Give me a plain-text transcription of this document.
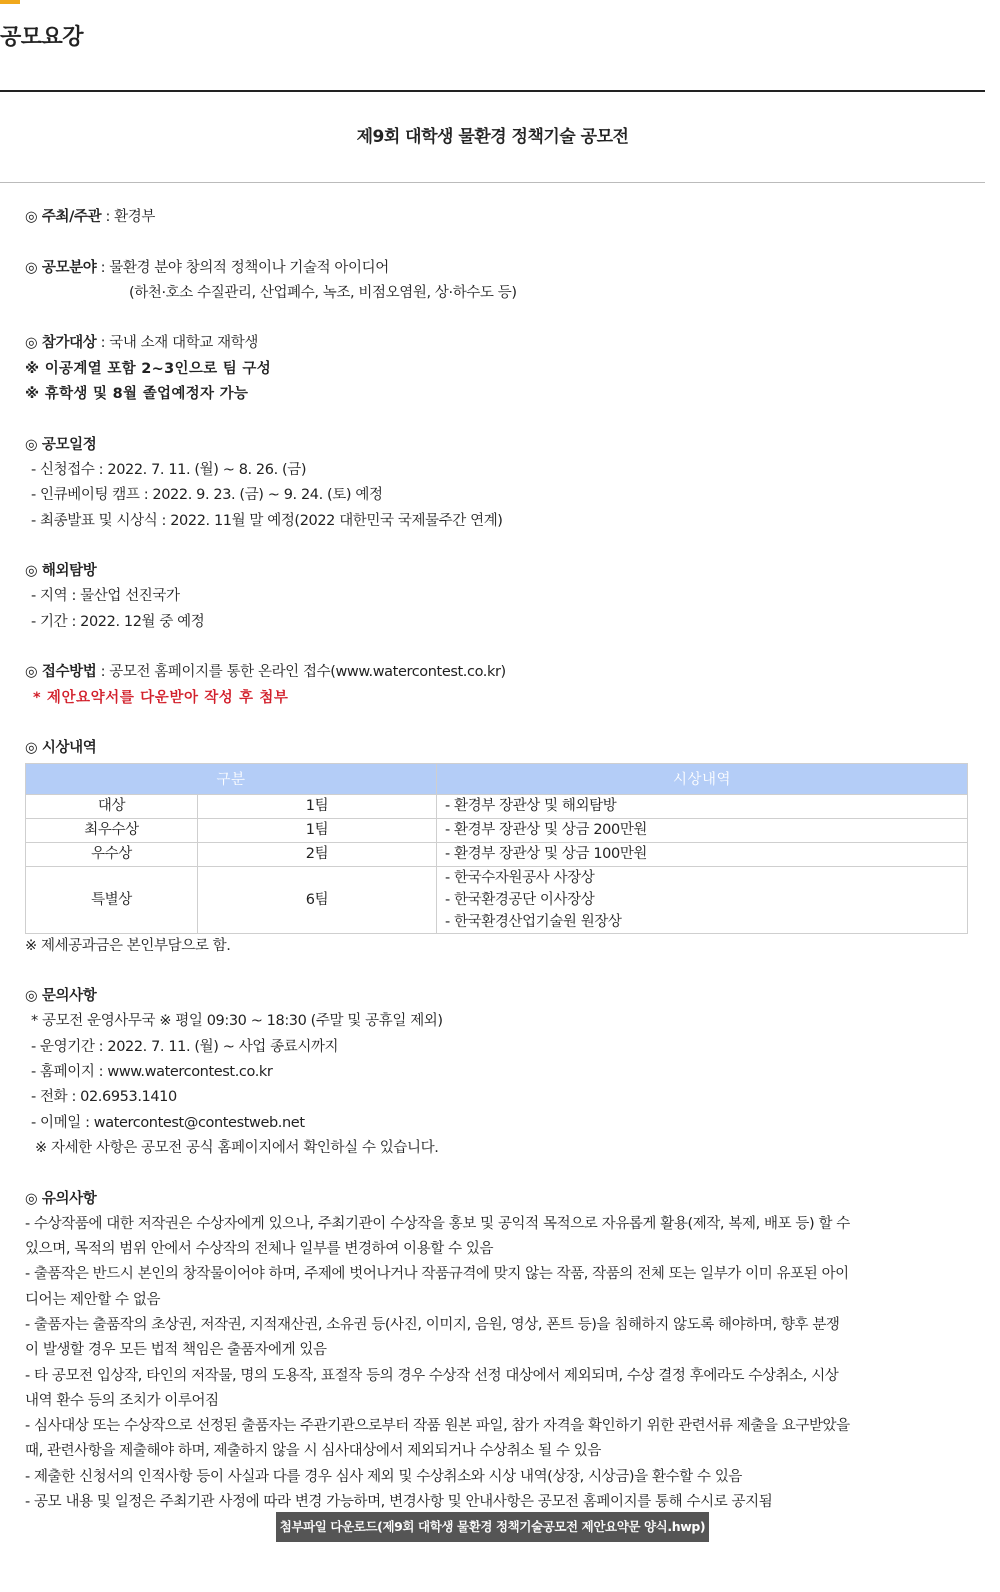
공모요강
제9회 대학생 물환경 정책기술 공모전
◎ 주최/주관 : 환경부
◎ 공모분야 : 물환경 분야 창의적 정책이나 기술적 아이디어
(하천·호소 수질관리, 산업폐수, 녹조, 비점오염원, 상·하수도 등)
◎ 참가대상 : 국내 소재 대학교 재학생
※ 이공계열 포함 2~3인으로 팀 구성
※ 휴학생 및 8월 졸업예정자 가능
◎ 공모일정
- 신청접수 : 2022. 7. 11. (월) ~ 8. 26. (금)
- 인큐베이팅 캠프 : 2022. 9. 23. (금) ~ 9. 24. (토) 예정
- 최종발표 및 시상식 : 2022. 11월 말 예정(2022 대한민국 국제물주간 연계)
◎ 해외탐방
- 지역 : 물산업 선진국가
- 기간 : 2022. 12월 중 예정
◎ 접수방법 : 공모전 홈페이지를 통한 온라인 접수(www.watercontest.co.kr)
* 제안요약서를 다운받아 작성 후 첨부
◎ 시상내역
구분		시상내역
대상	1팀	- 환경부 장관상 및 해외탐방
최우수상	1팀	- 환경부 장관상 및 상금 200만원
우수상	2팀	- 환경부 장관상 및 상금 100만원
특별상	6팀	- 한국수자원공사 사장상
- 한국환경공단 이사장상
- 한국환경산업기술원 원장상
※ 제세공과금은 본인부담으로 함.
◎ 문의사항
* 공모전 운영사무국 ※ 평일 09:30 ~ 18:30 (주말 및 공휴일 제외)
- 운영기간 : 2022. 7. 11. (월) ~ 사업 종료시까지
- 홈페이지 : www.watercontest.co.kr
- 전화 : 02.6953.1410
- 이메일 : watercontest@contestweb.net
※ 자세한 사항은 공모전 공식 홈페이지에서 확인하실 수 있습니다.
◎ 유의사항
- 수상작품에 대한 저작권은 수상자에게 있으나, 주최기관이 수상작을 홍보 및 공익적 목적으로 자유롭게 활용(제작, 복제, 배포 등) 할 수
있으며, 목적의 범위 안에서 수상작의 전체나 일부를 변경하여 이용할 수 있음
- 출품작은 반드시 본인의 창작물이어야 하며, 주제에 벗어나거나 작품규격에 맞지 않는 작품, 작품의 전체 또는 일부가 이미 유포된 아이
디어는 제안할 수 없음
- 출품자는 출품작의 초상권, 저작권, 지적재산권, 소유권 등(사진, 이미지, 음원, 영상, 폰트 등)을 침해하지 않도록 해야하며, 향후 분쟁
이 발생할 경우 모든 법적 책임은 출품자에게 있음
- 타 공모전 입상작, 타인의 저작물, 명의 도용작, 표절작 등의 경우 수상작 선정 대상에서 제외되며, 수상 결정 후에라도 수상취소, 시상
내역 환수 등의 조치가 이루어짐
- 심사대상 또는 수상작으로 선정된 출품자는 주관기관으로부터 작품 원본 파일, 참가 자격을 확인하기 위한 관련서류 제출을 요구받았을
때, 관련사항을 제출해야 하며, 제출하지 않을 시 심사대상에서 제외되거나 수상취소 될 수 있음
- 제출한 신청서의 인적사항 등이 사실과 다를 경우 심사 제외 및 수상취소와 시상 내역(상장, 시상금)을 환수할 수 있음
- 공모 내용 및 일정은 주최기관 사정에 따라 변경 가능하며, 변경사항 및 안내사항은 공모전 홈페이지를 통해 수시로 공지됨
첨부파일 다운로드(제9회 대학생 물환경 정책기술공모전 제안요약문 양식.hwp)
